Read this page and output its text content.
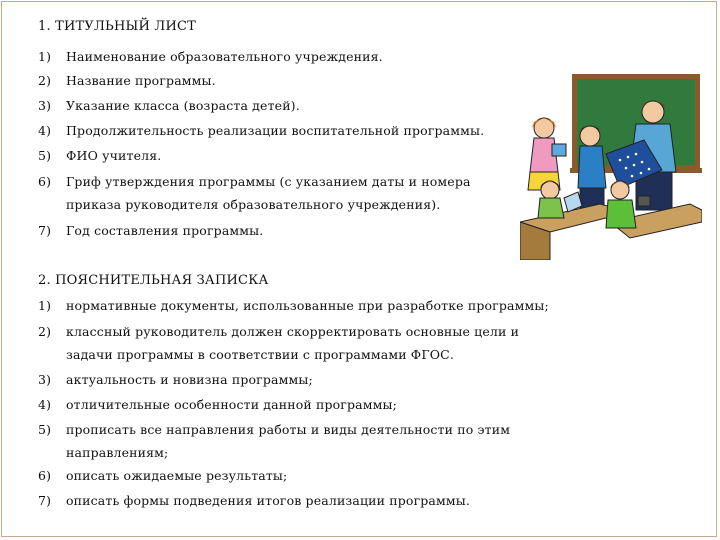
1. ТИТУЛЬНЫЙ ЛИСТ
1)	Наименование образовательного учреждения.
2)	Название программы.
3)	Указание класса (возраста детей).
4)	Продолжительность реализации воспитательной программы.
5)	ФИО учителя.
6)	Гриф утверждения программы (с указанием даты и номера приказа руководителя образовательного учреждения).
7)	Год составления программы.
2. ПОЯСНИТЕЛЬНАЯ ЗАПИСКА
1)	нормативные документы, использованные при разработке программы;
2)	классный руководитель должен скорректировать основные цели и задачи программы в соответствии с программами ФГОС.
3)	актуальность и новизна программы;
4)	отличительные особенности данной программы;
5)	прописать все направления работы и виды деятельности по этим направлениям;
6)	описать ожидаемые результаты;
7)	описать формы подведения итогов реализации программы.
